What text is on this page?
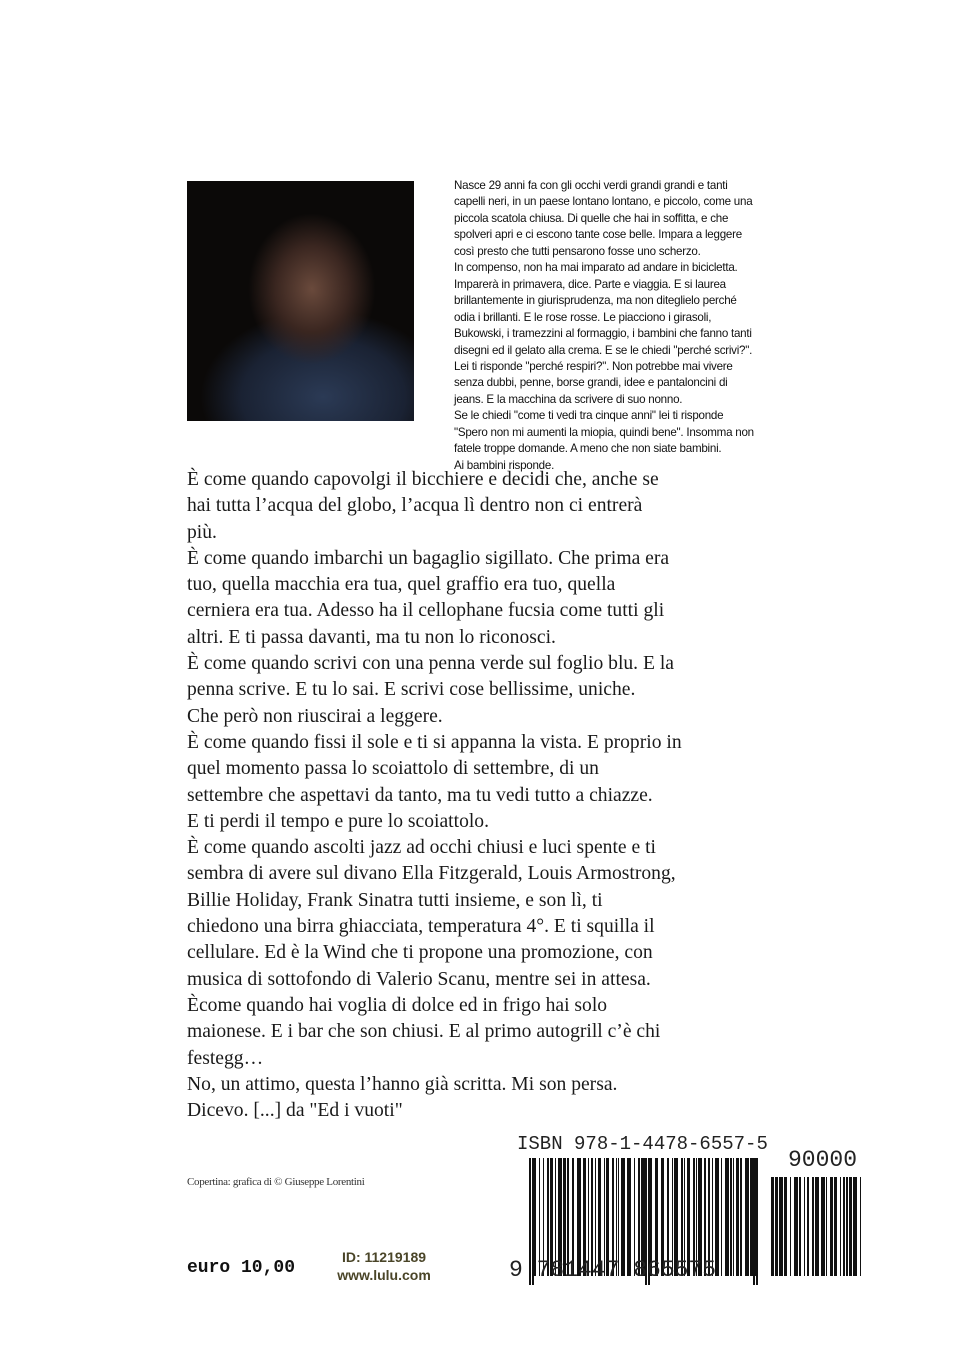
Nasce 29 anni fa con gli occhi verdi grandi grandi e tanti
capelli neri, in un paese lontano lontano, e piccolo, come una
piccola scatola chiusa. Di quelle che hai in soffitta, e che
spolveri apri e ci escono tante cose belle. Impara a leggere
così presto che tutti pensarono fosse uno scherzo.
In compenso, non ha mai imparato ad andare in bicicletta.
Imparerà in primavera, dice. Parte e viaggia. E si laurea
brillantemente in giurisprudenza, ma non diteglielo perché
odia i brillanti. E le rose rosse. Le piacciono i girasoli,
Bukowski, i tramezzini al formaggio, i bambini che fanno tanti
disegni ed il gelato alla crema. E se le chiedi "perché scrivi?".
Lei ti risponde "perché respiri?". Non potrebbe mai vivere
senza dubbi, penne, borse grandi, idee e pantaloncini di
jeans. E la macchina da scrivere di suo nonno.
Se le chiedi "come ti vedi tra cinque anni" lei ti risponde
"Spero non mi aumenti la miopia, quindi bene". Insomma non
fatele troppe domande. A meno che non siate bambini.
Ai bambini risponde.
È come quando capovolgi il bicchiere e decidi che, anche se
hai tutta l’acqua del globo, l’acqua lì dentro non ci entrerà
più.
È come quando imbarchi un bagaglio sigillato. Che prima era
tuo, quella macchia era tua, quel graffio era tuo, quella
cerniera era tua. Adesso ha il cellophane fucsia come tutti gli
altri. E ti passa davanti, ma tu non lo riconosci.
È come quando scrivi con una penna verde sul foglio blu. E la
penna scrive. E tu lo sai. E scrivi cose bellissime, uniche.
Che però non riuscirai a leggere.
È come quando fissi il sole e ti si appanna la vista. E proprio in
quel momento passa lo scoiattolo di settembre, di un
settembre che aspettavi da tanto, ma tu vedi tutto a chiazze.
E ti perdi il tempo e pure lo scoiattolo.
È come quando ascolti jazz ad occhi chiusi e luci spente e ti
sembra di avere sul divano Ella Fitzgerald, Louis Armostrong,
Billie Holiday, Frank Sinatra tutti insieme, e son lì, ti
chiedono una birra ghiacciata, temperatura 4°. E ti squilla il
cellulare. Ed è la Wind che ti propone una promozione, con
musica di sottofondo di Valerio Scanu, mentre sei in attesa.
Ècome quando hai voglia di dolce ed in frigo hai solo
maionese. E i bar che son chiusi. E al primo autogrill c’è chi
festegg…
No, un attimo, questa l’hanno già scritta. Mi son persa.
Dicevo. [...] da "Ed i vuoti"
Copertina: grafica di © Giuseppe Lorentini
euro 10,00
ID: 11219189
www.lulu.com
ISBN 978-1-4478-6557-5
90000
9 781447 865575
